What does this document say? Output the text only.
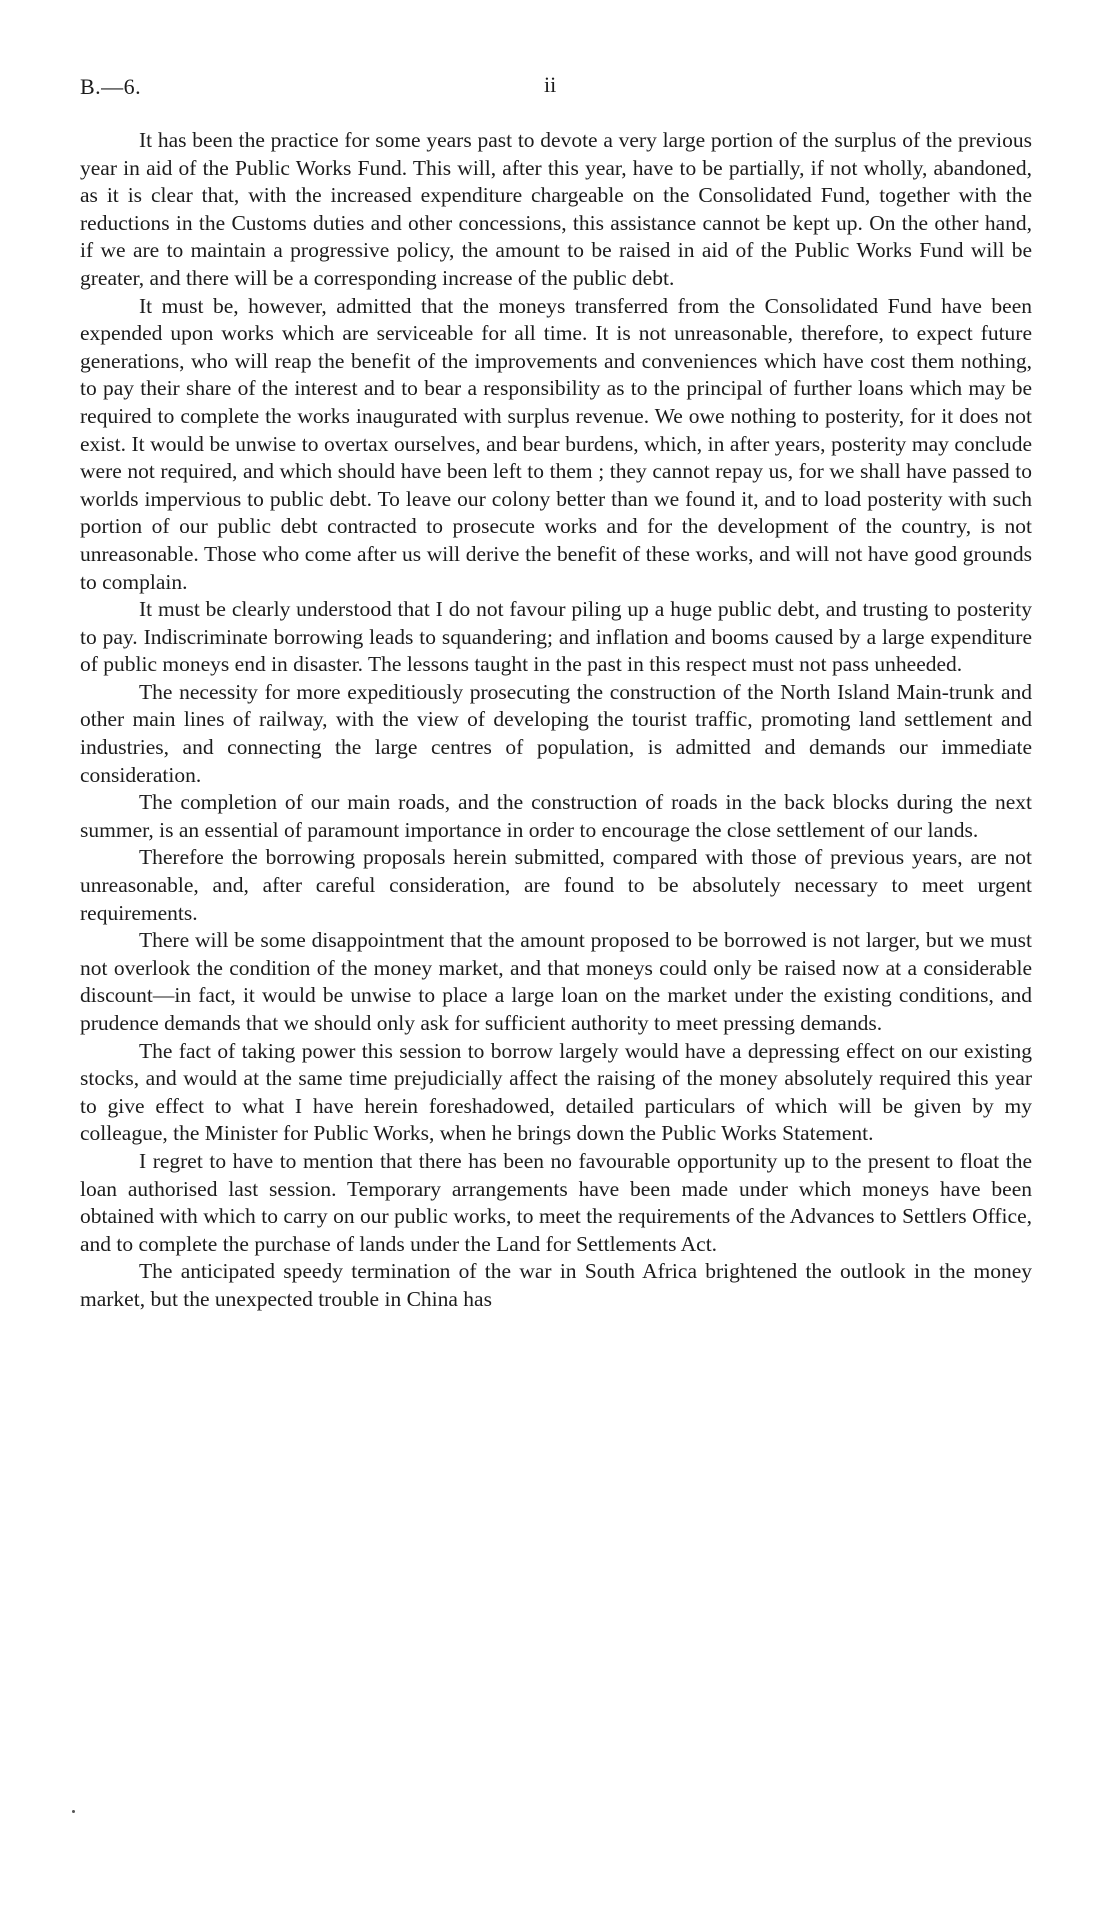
B.—6.	ii

It has been the practice for some years past to devote a very large portion of the surplus of the previous year in aid of the Public Works Fund. This will, after this year, have to be partially, if not wholly, abandoned, as it is clear that, with the increased expenditure chargeable on the Consolidated Fund, together with the reductions in the Customs duties and other concessions, this assistance cannot be kept up. On the other hand, if we are to maintain a progressive policy, the amount to be raised in aid of the Public Works Fund will be greater, and there will be a corresponding increase of the public debt.

It must be, however, admitted that the moneys transferred from the Consolidated Fund have been expended upon works which are serviceable for all time. It is not unreasonable, therefore, to expect future generations, who will reap the benefit of the improvements and conveniences which have cost them nothing, to pay their share of the interest and to bear a responsibility as to the principal of further loans which may be required to complete the works inaugurated with surplus revenue. We owe nothing to posterity, for it does not exist. It would be unwise to overtax ourselves, and bear burdens, which, in after years, posterity may conclude were not required, and which should have been left to them ; they cannot repay us, for we shall have passed to worlds impervious to public debt. To leave our colony better than we found it, and to load posterity with such portion of our public debt contracted to prosecute works and for the development of the country, is not unreasonable. Those who come after us will derive the benefit of these works, and will not have good grounds to complain.

It must be clearly understood that I do not favour piling up a huge public debt, and trusting to posterity to pay. Indiscriminate borrowing leads to squandering; and inflation and booms caused by a large expenditure of public moneys end in disaster. The lessons taught in the past in this respect must not pass unheeded.

The necessity for more expeditiously prosecuting the construction of the North Island Main-trunk and other main lines of railway, with the view of developing the tourist traffic, promoting land settlement and industries, and connecting the large centres of population, is admitted and demands our immediate consideration.

The completion of our main roads, and the construction of roads in the back blocks during the next summer, is an essential of paramount importance in order to encourage the close settlement of our lands.

Therefore the borrowing proposals herein submitted, compared with those of previous years, are not unreasonable, and, after careful consideration, are found to be absolutely necessary to meet urgent requirements.

There will be some disappointment that the amount proposed to be borrowed is not larger, but we must not overlook the condition of the money market, and that moneys could only be raised now at a considerable discount—in fact, it would be unwise to place a large loan on the market under the existing conditions, and prudence demands that we should only ask for sufficient authority to meet pressing demands.

The fact of taking power this session to borrow largely would have a depressing effect on our existing stocks, and would at the same time prejudicially affect the raising of the money absolutely required this year to give effect to what I have herein foreshadowed, detailed particulars of which will be given by my colleague, the Minister for Public Works, when he brings down the Public Works Statement.

I regret to have to mention that there has been no favourable opportunity up to the present to float the loan authorised last session. Temporary arrangements have been made under which moneys have been obtained with which to carry on our public works, to meet the requirements of the Advances to Settlers Office, and to complete the purchase of lands under the Land for Settlements Act.

The anticipated speedy termination of the war in South Africa brightened the outlook in the money market, but the unexpected trouble in China has
